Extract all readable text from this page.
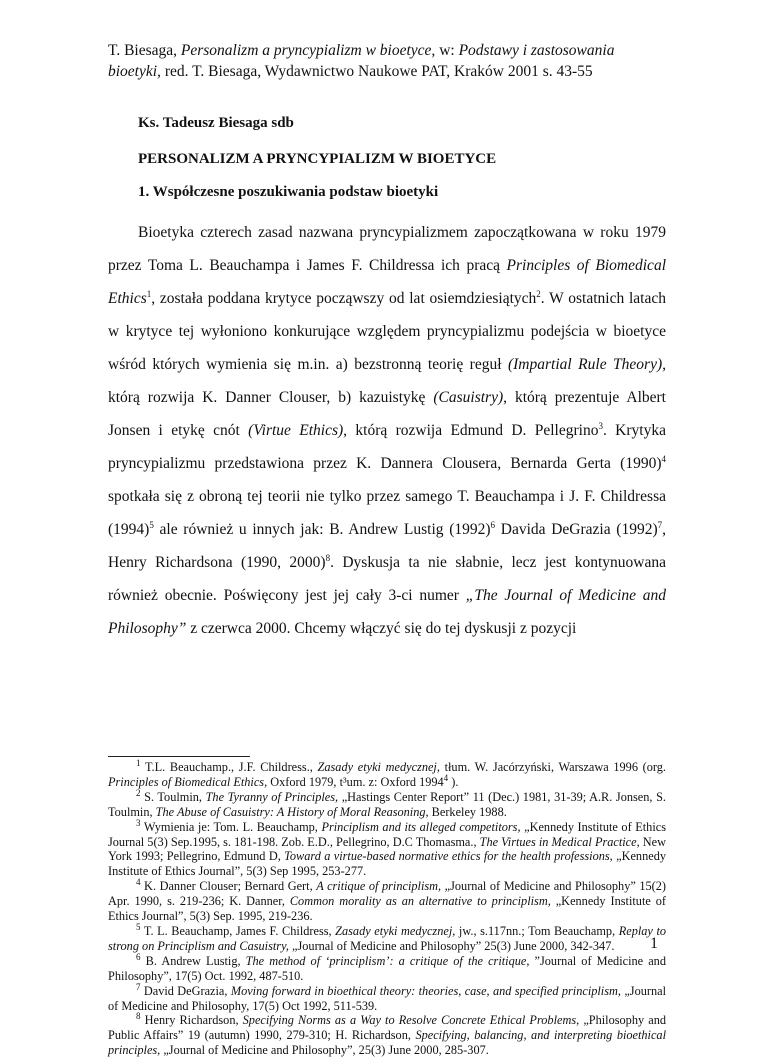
T. Biesaga, Personalizm a pryncypializm w bioetyce, w: Podstawy i zastosowania bioetyki, red. T. Biesaga, Wydawnictwo Naukowe PAT, Kraków 2001 s. 43-55
Ks. Tadeusz Biesaga sdb
PERSONALIZM A PRYNCYPIALIZM W BIOETYCE
1. Współczesne poszukiwania podstaw bioetyki
Bioetyka czterech zasad nazwana pryncypializmem zapoczątkowana w roku 1979 przez Toma L. Beauchampa i James F. Childressa ich pracą Principles of Biomedical Ethics$^1$, została poddana krytyce począwszy od lat osiemdziesiątych$^2$. W ostatnich latach w krytyce tej wyłoniono konkurujące względem pryncypializmu podejścia w bioetyce wśród których wymienia się m.in. a) bezstronną teorię reguł (Impartial Rule Theory), którą rozwija K. Danner Clouser, b) kazuistykę (Casuistry), którą prezentuje Albert Jonsen i etykę cnót (Virtue Ethics), którą rozwija Edmund D. Pellegrino$^3$. Krytyka pryncypializmu przedstawiona przez K. Dannera Clousera, Bernarda Gerta $(1990)^4$ spotkała się z obroną tej teorii nie tylko przez samego T. Beauchampa i J. F. Childressa $(1994)^5$ ale również u innych jak: B. Andrew Lustig $(1992)^6$ Davida DeGrazia $(1992)^7$, Henry Richardsona (1990, 2000)$^8$. Dyskusja ta nie słabnie, lecz jest kontynuowana również obecnie. Poświęcony jest jej cały 3-ci numer „The Journal of Medicine and Philosophy” z czerwca 2000. Chcemy włączyć się do tej dyskusji z pozycji

$^1$ T.L. Beauchamp., J.F. Childress., Zasady etyki medycznej, tłum. W. Jacórzyński, Warszawa 1996 (org. Principles of Biomedical Ethics, Oxford 1979, t³um. z: Oxford 1994$^4$ ).

$^2$ S. Toulmin, The Tyranny of Principles, „Hastings Center Report” 11 (Dec.) 1981, 31-39; A.R. Jonsen, S. Toulmin, The Abuse of Casuistry: A History of Moral Reasoning, Berkeley 1988.

$^3$ Wymienia je: Tom. L. Beauchamp, Principlism and its alleged competitors, „Kennedy Institute of Ethics Journal 5(3) Sep.1995, s. 181-198. Zob. E.D., Pellegrino, D.C Thomasma., The Virtues in Medical Practice, New York 1993; Pellegrino, Edmund D, Toward a virtue-based normative ethics for the health professions, „Kennedy Institute of Ethics Journal”, 5(3) Sep 1995, 253-277.

$^4$ K. Danner Clouser; Bernard Gert, A critique of principlism, „Journal of Medicine and Philosophy” 15(2) Apr. 1990, s. 219-236; K. Danner, Common morality as an alternative to principlism, „Kennedy Institute of Ethics Journal”, 5(3) Sep. 1995, 219-236.

$^5$ T. L. Beauchamp, James F. Childress, Zasady etyki medycznej, jw., s.117nn.; Tom Beauchamp, Replay to strong on Principlism and Casuistry, „Journal of Medicine and Philosophy” 25(3) June 2000, 342-347.

$^6$ B. Andrew Lustig, The method of ‘principlism’: a critique of the critique, ”Journal of Medicine and Philosophy”, 17(5) Oct. 1992, 487-510.

$^7$ David DeGrazia, Moving forward in bioethical theory: theories, case, and specified principlism, „Journal of Medicine and Philosophy, 17(5) Oct 1992, 511-539.

$^8$ Henry Richardson, Specifying Norms as a Way to Resolve Concrete Ethical Problems, „Philosophy and Public Affairs” 19 (autumn) 1990, 279-310; H. Richardson, Specifying, balancing, and interpreting bioethical principles, „Journal of Medicine and Philosophy”, 25(3) June 2000, 285-307.

1
